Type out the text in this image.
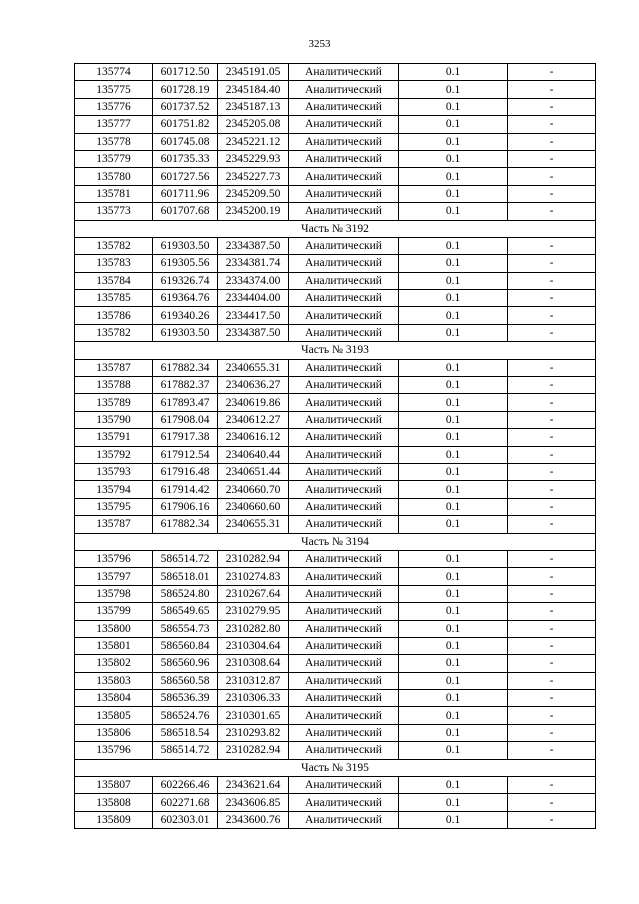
3253
135774	601712.50	2345191.05	Аналитический	0.1	-
135775	601728.19	2345184.40	Аналитический	0.1	-
135776	601737.52	2345187.13	Аналитический	0.1	-
135777	601751.82	2345205.08	Аналитический	0.1	-
135778	601745.08	2345221.12	Аналитический	0.1	-
135779	601735.33	2345229.93	Аналитический	0.1	-
135780	601727.56	2345227.73	Аналитический	0.1	-
135781	601711.96	2345209.50	Аналитический	0.1	-
135773	601707.68	2345200.19	Аналитический	0.1	-
Часть № 3192					
135782	619303.50	2334387.50	Аналитический	0.1	-
135783	619305.56	2334381.74	Аналитический	0.1	-
135784	619326.74	2334374.00	Аналитический	0.1	-
135785	619364.76	2334404.00	Аналитический	0.1	-
135786	619340.26	2334417.50	Аналитический	0.1	-
135782	619303.50	2334387.50	Аналитический	0.1	-
Часть № 3193					
135787	617882.34	2340655.31	Аналитический	0.1	-
135788	617882.37	2340636.27	Аналитический	0.1	-
135789	617893.47	2340619.86	Аналитический	0.1	-
135790	617908.04	2340612.27	Аналитический	0.1	-
135791	617917.38	2340616.12	Аналитический	0.1	-
135792	617912.54	2340640.44	Аналитический	0.1	-
135793	617916.48	2340651.44	Аналитический	0.1	-
135794	617914.42	2340660.70	Аналитический	0.1	-
135795	617906.16	2340660.60	Аналитический	0.1	-
135787	617882.34	2340655.31	Аналитический	0.1	-
Часть № 3194					
135796	586514.72	2310282.94	Аналитический	0.1	-
135797	586518.01	2310274.83	Аналитический	0.1	-
135798	586524.80	2310267.64	Аналитический	0.1	-
135799	586549.65	2310279.95	Аналитический	0.1	-
135800	586554.73	2310282.80	Аналитический	0.1	-
135801	586560.84	2310304.64	Аналитический	0.1	-
135802	586560.96	2310308.64	Аналитический	0.1	-
135803	586560.58	2310312.87	Аналитический	0.1	-
135804	586536.39	2310306.33	Аналитический	0.1	-
135805	586524.76	2310301.65	Аналитический	0.1	-
135806	586518.54	2310293.82	Аналитический	0.1	-
135796	586514.72	2310282.94	Аналитический	0.1	-
Часть № 3195					
135807	602266.46	2343621.64	Аналитический	0.1	-
135808	602271.68	2343606.85	Аналитический	0.1	-
135809	602303.01	2343600.76	Аналитический	0.1	-
